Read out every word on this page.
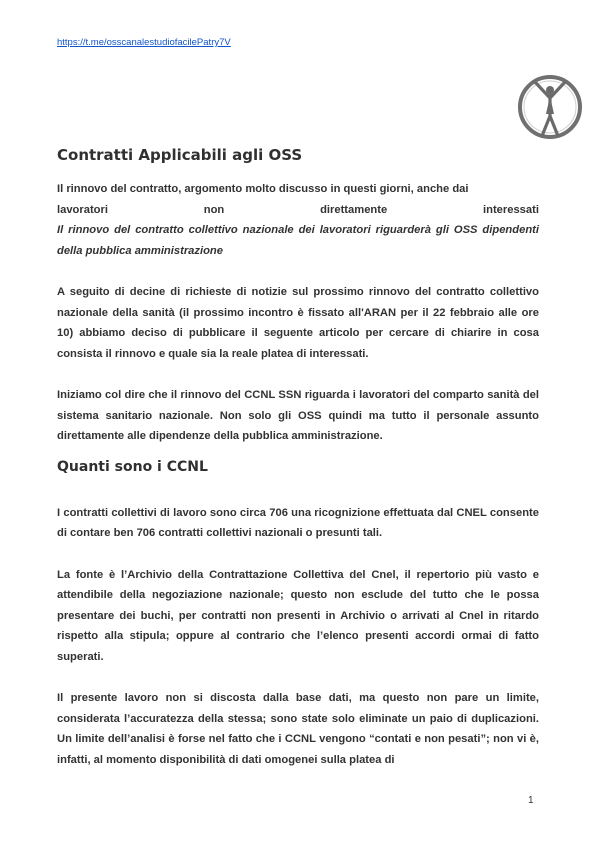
https://t.me/osscanalestudiofacilePatry7V
Contratti Applicabili agli OSS

Il rinnovo del contratto, argomento molto discusso in questi giorni, anche dai

lavoratori	non	direttamente	interessati

Il rinnovo del contratto collettivo nazionale dei lavoratori riguarderà gli OSS dipendenti della pubblica amministrazione

A seguito di decine di richieste di notizie sul prossimo rinnovo del contratto collettivo nazionale della sanità (il prossimo incontro è fissato all'ARAN per il 22 febbraio alle ore 10) abbiamo deciso di pubblicare il seguente articolo per cercare di chiarire in cosa consista il rinnovo e quale sia la reale platea di interessati.

Iniziamo col dire che il rinnovo del CCNL SSN riguarda i lavoratori del comparto sanità del sistema sanitario nazionale. Non solo gli OSS quindi ma tutto il personale assunto direttamente alle dipendenze della pubblica amministrazione.

Quanti sono i CCNL

I contratti collettivi di lavoro sono circa 706 una ricognizione effettuata dal CNEL consente di contare ben 706 contratti collettivi nazionali o presunti tali.

La fonte è l’Archivio della Contrattazione Collettiva del Cnel, il repertorio più vasto e attendibile della negoziazione nazionale; questo non esclude del tutto che le possa presentare dei buchi, per contratti non presenti in Archivio o arrivati al Cnel in ritardo rispetto alla stipula; oppure al contrario che l’elenco presenti accordi ormai di fatto superati.

Il presente lavoro non si discosta dalla base dati, ma questo non pare un limite, considerata l’accuratezza della stessa; sono state solo eliminate un paio di duplicazioni. Un limite dell’analisi è forse nel fatto che i CCNL vengono “contati e non pesati”; non vi è, infatti, al momento disponibilità di dati omogenei sulla platea di

1
